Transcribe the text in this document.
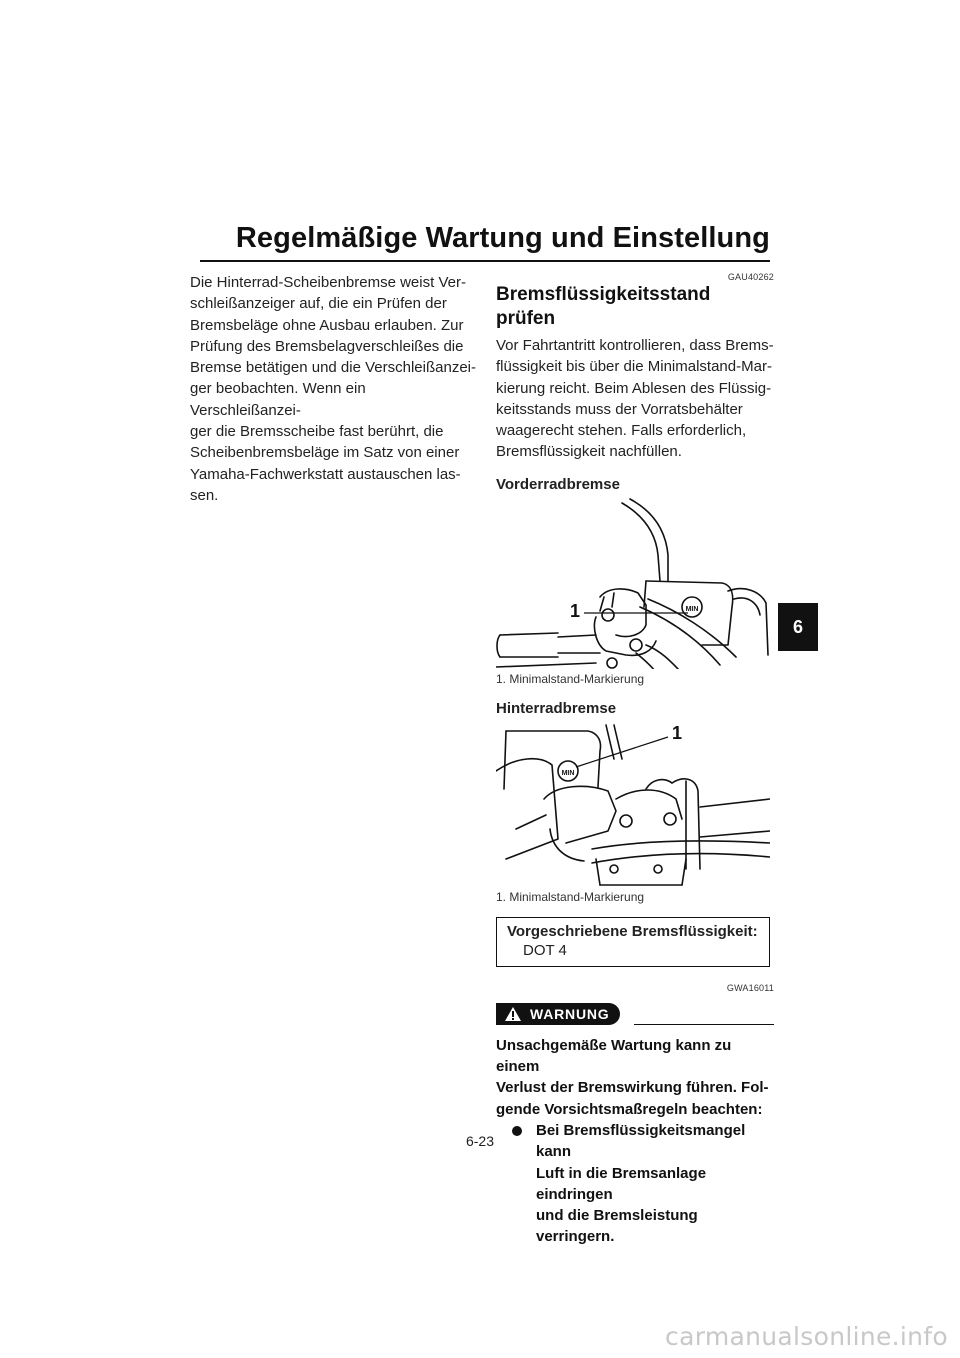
Regelmäßige Wartung und Einstellung
6
Die Hinterrad-Scheibenbremse weist Ver-
schleißanzeiger auf, die ein Prüfen der
Bremsbeläge ohne Ausbau erlauben. Zur
Prüfung des Bremsbelagverschleißes die
Bremse betätigen und die Verschleißanzei-
ger beobachten. Wenn ein Verschleißanzei-
ger die Bremsscheibe fast berührt, die
Scheibenbremsbeläge im Satz von einer
Yamaha-Fachwerkstatt austauschen las-
sen.
GAU40262
Bremsflüssigkeitsstand prüfen
Vor Fahrtantritt kontrollieren, dass Brems-
flüssigkeit bis über die Minimalstand-Mar-
kierung reicht. Beim Ablesen des Flüssig-
keitsstands muss der Vorratsbehälter
waagerecht stehen. Falls erforderlich,
Bremsflüssigkeit nachfüllen.
Vorderradbremse
MIN
1
1. Minimalstand-Markierung
Hinterradbremse
MIN
1
1. Minimalstand-Markierung
Vorgeschriebene Bremsflüssigkeit:
DOT 4
GWA16011
WARNUNG
Unsachgemäße Wartung kann zu einem
Verlust der Bremswirkung führen. Fol-
gende Vorsichtsmaßregeln beachten:
Bei Bremsflüssigkeitsmangel kann
Luft in die Bremsanlage eindringen
und die Bremsleistung verringern.
6-23
carmanualsonline.info
